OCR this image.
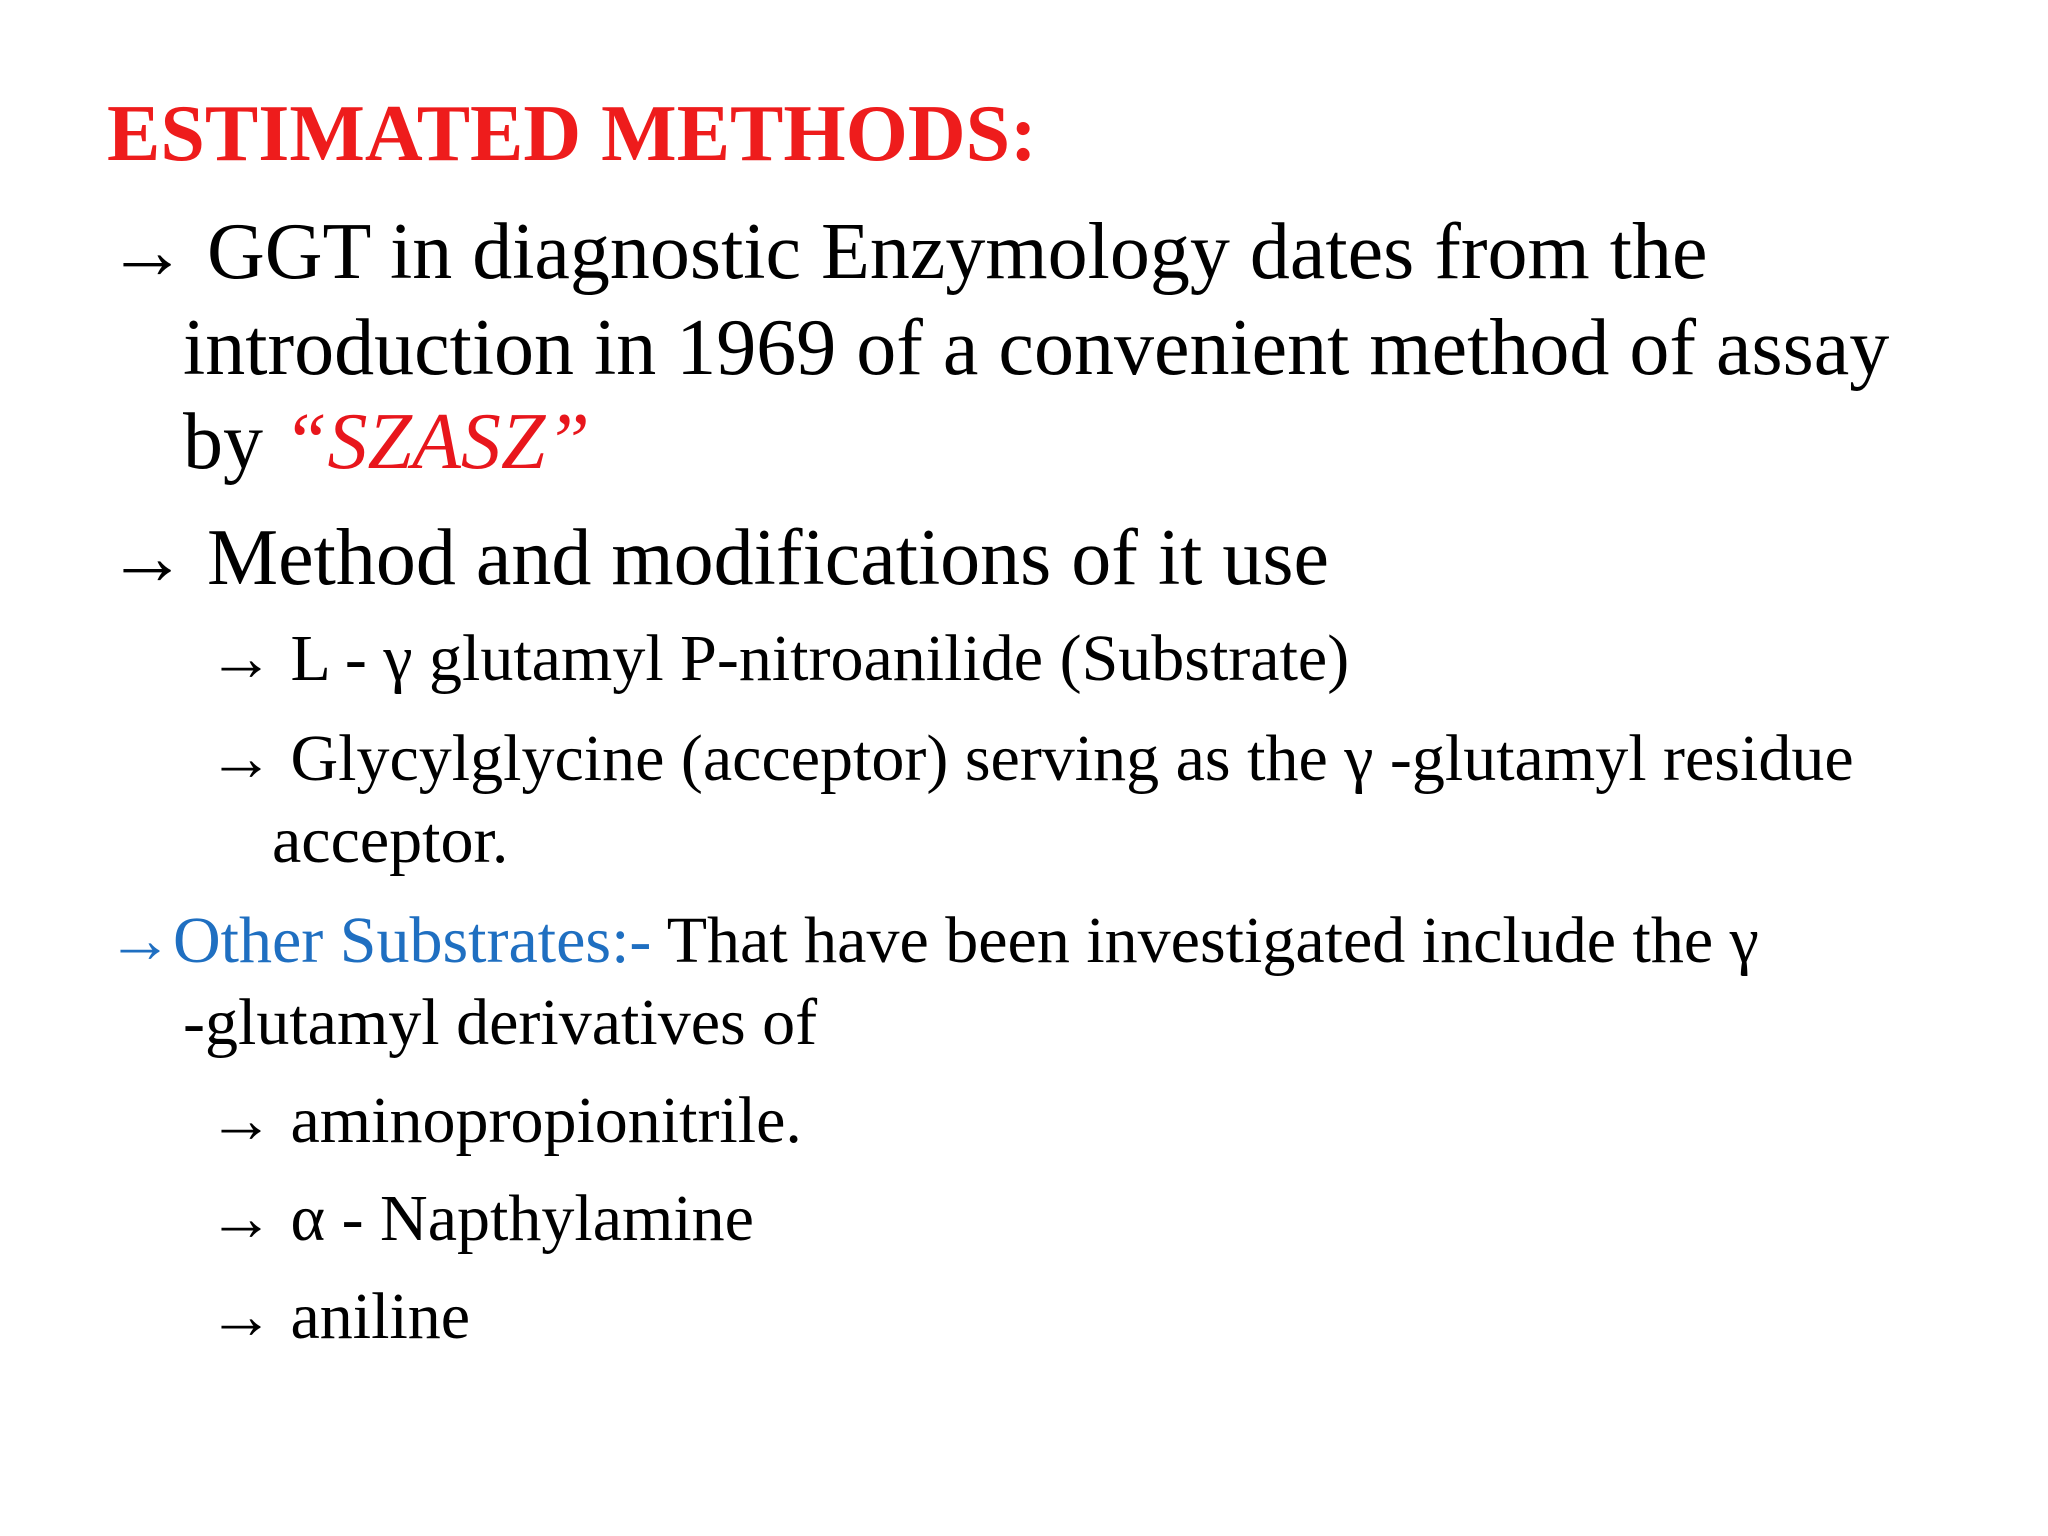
ESTIMATED METHODS:
→ GGT in diagnostic Enzymology dates from the
introduction in 1969 of a convenient method of assay
by “SZASZ”
→ Method and modifications of it use
→ L - γ glutamyl P-nitroanilide (Substrate)
→ Glycylglycine (acceptor) serving as the γ -glutamyl residue
acceptor.
→Other Substrates:- That have been investigated include the γ
-glutamyl derivatives of
→ aminopropionitrile.
→ α - Napthylamine
→ aniline
